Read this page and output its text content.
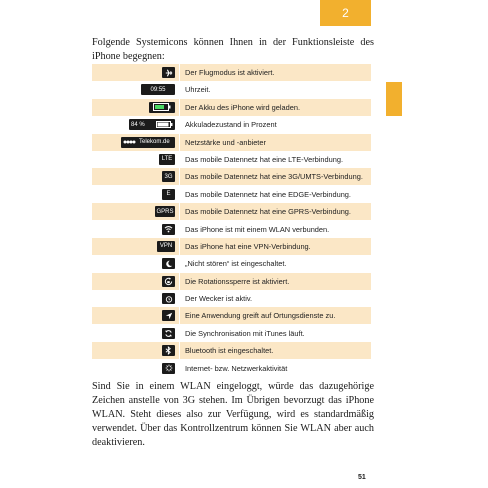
2

Folgende Systemicons können Ihnen in der Funktionsleiste des iPhone begegnen:

Der Flugmodus ist aktiviert.
09:55	Uhrzeit.
Der Akku des iPhone wird geladen.
84 %	Akkuladezustand in Prozent
Telekom.de	Netzstärke und -anbieter
LTE	Das mobile Datennetz hat eine LTE-Verbindung.
3G	Das mobile Datennetz hat eine 3G/UMTS-Verbindung.
E	Das mobile Datennetz hat eine EDGE-Verbindung.
GPRS	Das mobile Datennetz hat eine GPRS-Verbindung.
Das iPhone ist mit einem WLAN verbunden.
VPN	Das iPhone hat eine VPN-Verbindung.
„Nicht stören“ ist eingeschaltet.
Die Rotationssperre ist aktiviert.
Der Wecker ist aktiv.
Eine Anwendung greift auf Ortungsdienste zu.
Die Synchronisation mit iTunes läuft.
Bluetooth ist eingeschaltet.
Internet- bzw. Netzwerkaktivität

Sind Sie in einem WLAN eingeloggt, würde das dazugehörige Zeichen anstelle von 3G stehen. Im Übrigen bevorzugt das iPhone WLAN. Steht dieses also zur Verfügung, wird es standardmäßig verwendet. Über das Kontrollzentrum können Sie WLAN aber auch deaktivieren.

51
